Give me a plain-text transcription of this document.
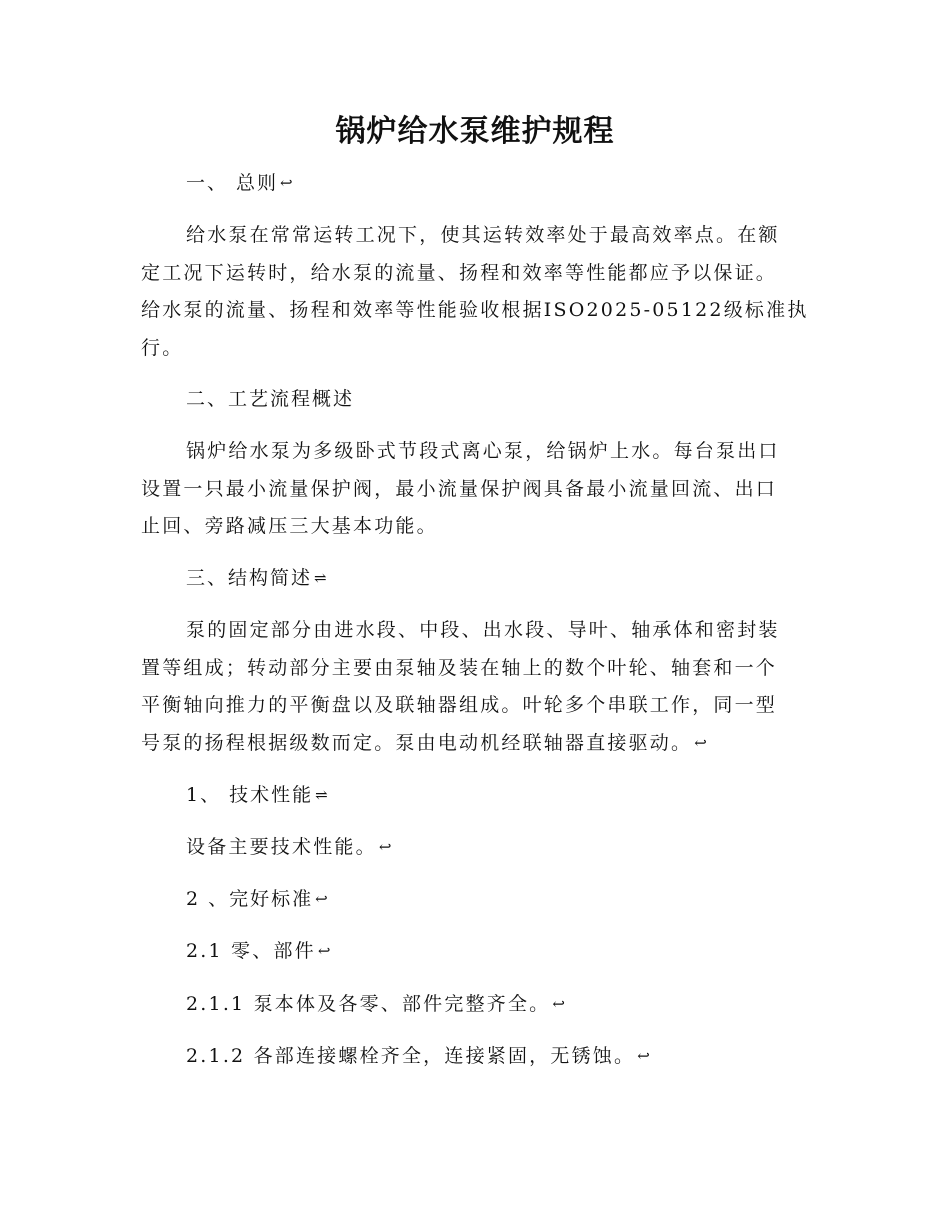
锅炉给水泵维护规程
一、 总则 ↩
给水泵在常常运转工况下，使其运转效率处于最高效率点。在额
定工况下运转时，给水泵的流量、扬程和效率等性能都应予以保证。
给水泵的流量、扬程和效率等性能验收根据ISO2025-05122级标准执
行。
二、工艺流程概述
锅炉给水泵为多级卧式节段式离心泵，给锅炉上水。每台泵出口
设置一只最小流量保护阀，最小流量保护阀具备最小流量回流、出口
止回、旁路减压三大基本功能。
三、结构简述 ⇌
泵的固定部分由进水段、中段、出水段、导叶、轴承体和密封装
置等组成；转动部分主要由泵轴及装在轴上的数个叶轮、轴套和一个
平衡轴向推力的平衡盘以及联轴器组成。叶轮多个串联工作，同一型
号泵的扬程根据级数而定。泵由电动机经联轴器直接驱动。 ↩
1、 技术性能 ⇌
设备主要技术性能。 ↩
2 、完好标准 ↩
2.1 零、部件 ↩
2.1.1 泵本体及各零、部件完整齐全。 ↩
2.1.2 各部连接螺栓齐全，连接紧固，无锈蚀。 ↩
